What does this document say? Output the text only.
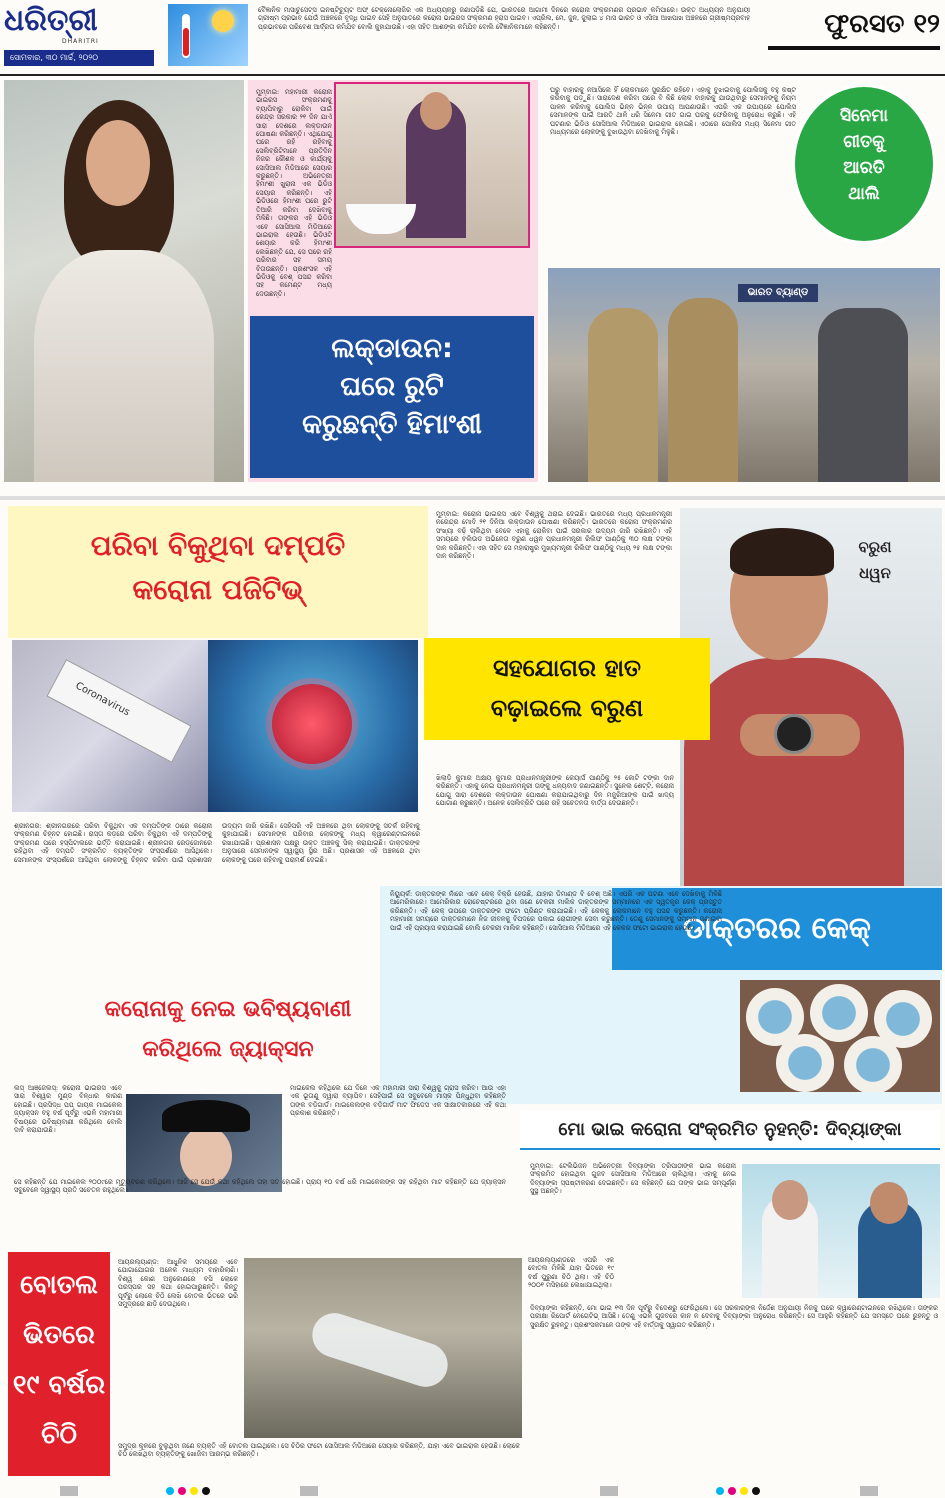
ଧରିତ୍ରୀ
DHARITRI
ସୋମବାର, ୩୦ ମାର୍ଚ୍ଚ, ୨୦୨୦
ବୈଜ୍ଞାନିକ ମାସାଚୁସେଟ୍ସ ଇନଷ୍ଟିଚ୍ୟୁଟ ଅଫ୍ ଟେକ୍ନୋଲୋଜିର ଏକ ଅଧ୍ୟୟନରୁ ଜଣାପଡ଼ିଛି ଯେ, ଭାରତରେ ଆଗାମୀ ଦିନରେ କରୋନା ସଂକ୍ରମଣର ପ୍ରଭାବ କମିପାରେ। ଉକ୍ତ ଅଧ୍ୟୟନ ଅନୁଯାୟୀ ଗ୍ରୀଷ୍ମ ପ୍ରଭାବ ଯେଉଁ ଅଞ୍ଚଳରେ ବୃଦ୍ଧି ପାଇବ ସେହି ଅନୁପାତରେ କରୋନା ଭାଇରସ ସଂକ୍ରମଣ ହ୍ରାସ ପାଇବ। ଏପ୍ରିଲ, ମେ, ଜୁନ, ଜୁଲାଇ ୪ ମାସ ଭାରତ ଓ ଏସିଆ ଆଖପାଖ ଅଞ୍ଚଳରେ ଗ୍ରୀଷ୍ମପ୍ରବାହ ପ୍ରଭାବରେ ପରିବେଶ ଆର୍ଦ୍ରତା କମିଯିବ ବୋଲି କୁହାଯାଉଛି। ଏହା ସହିତ ଆଶଙ୍କା କମିଯିବ ବୋଲି ବୈଜ୍ଞାନିକମାନେ କହିଛନ୍ତି।	ଫୁରସତ ୧୨
ମୁମ୍ବାଇ: ମହାମାରୀ କରୋନା ଭାଇରସ ସଂକ୍ରମଣକୁ ବ୍ୟାପିବାରୁ ରୋକିବା ପାଇଁ କେନ୍ଦ୍ର ସରକାର ୨୧ ଦିନ ଯାଏଁ ସାରା ଦେଶରେ ଲକ୍ଡାଉନ ଘୋଷଣା କରିଛନ୍ତି। ଏଥିଯୋଗୁ ଘରେ ରହି ରହିବାକୁ ସେଲିବ୍ରିଟିମାନେ ପ୍ରତିଦିନ ନିଜର କୌଶଳ ଓ କାର୍ଯ୍ୟକୁ ସୋସିଆଲ ମିଡିଆରେ ସେୟାର କରୁଛନ୍ତି। ଅଭିନେତ୍ରୀ ହିମାଂଶୀ ଖୁରାନା ଏକ ଭିଡିଓ ସେୟାର କରିଛନ୍ତି। ଏହି ଭିଡିଓରେ ହିମାଂଶୀ ଘରେ ରୁଟି ତିଆରି କରିବା ଦେଖିବାକୁ ମିଳିଛି। ତାଙ୍କର ଏହି ଭିଡିଓ ଏବେ ସୋସିଆଲ ମିଡିଆରେ ଭାଇରାଲ ହେଉଛି। ଭିଡିଓଟି ଶେୟାର କରି ହିମାଂଶୀ ଲେଖିଛନ୍ତି ଯେ, ସେ ଘରେ ରହି ପରିବାର ସହ ସମୟ ବିତାଉଛନ୍ତି। ପ୍ରଶଂସକ ଏହି ଭିଡିଓକୁ ବେଶ୍ ପସନ୍ଦ କରିବା ସହ କମେଣ୍ଟ ମଧ୍ୟ ଦେଉଛନ୍ତି।
ଲକ୍ଡାଉନ:
ଘରେ ରୁଟି
କରୁଛନ୍ତି ହିମାଂଶୀ
ଘରୁ ବାହାରକୁ ନଆସିଲେ ହିଁ ଲୋକମାନେ ସୁରକ୍ଷିତ ରହିବେ। ଏହାକୁ ବୁଝାଇବାକୁ ପୋଲିସକୁ ବହୁ କଷ୍ଟ କରିବାକୁ ପଡ଼ୁଛି। ସାରାଦେଶ କରିବା ପରେ ବି କିଛି ଲୋକ ବାହାରକୁ ଯାଉଥିବାରୁ ସେମାନଙ୍କୁ ନିୟମ ପାଳନ କରିବାକୁ ପୋଲିସ ଭିନ୍ନ ଭିନ୍ନ ଉପାୟ ଆପଣାଉଛି। ଏପରି ଏକ ଉପାୟରେ ପୋଲିସ ସେମାନଙ୍କ ପାଇଁ ଆରତି ଥାଳି ଧରି ସିନେମା ଗୀତ ଗାଇ ଘରକୁ ଫେରିବାକୁ ଅନୁରୋଧ କରୁଛି। ଏହି ଘଟଣାର ଭିଡିଓ ସୋସିଆଲ ମିଡିଆରେ ଭାଇରାଲ ହୋଇଛି। ଏଠାରେ ପୋଲିସ ମଧ୍ୟ ସିନେମା ଗୀତ ମାଧ୍ୟମରେ ଲୋକଙ୍କୁ ବୁଝାଉଥିବା ଦେଖିବାକୁ ମିଳୁଛି।
ସିନେମା
ଗୀତକୁ
ଆରତି
ଥାଲି
ଭାରତ ବ୍ୟାଣ୍ଡ
ପରିବା ବିକୁଥିବା ଦମ୍ପତି
କରୋନା ପଜିଟିଭ୍
Coronavirus
ଶ୍ରୀନଗର: ଶ୍ରୀନଗରରେ ପରିବା ବିକୁଥିବା ଏକ ଦମ୍ପତିଙ୍କ ଠାରେ କରୋନା ସଂକ୍ରମଣ ଚିହ୍ନଟ ହୋଇଛି। ରାସ୍ତା କଡ଼ରେ ପରିବା ବିକୁଥିବା ଏହି ଦମ୍ପତିଙ୍କୁ ସଂକ୍ରମଣ ପରେ ହସ୍ପିଟାଲରେ ଭର୍ତ୍ତି କରାଯାଇଛି। ଶ୍ରୀନଗର ରେଡ୍ଜୋନରେ ରହିଥିବା ଏହି ଦମ୍ପତି ସଂକ୍ରମିତ ବ୍ୟକ୍ତିଙ୍କ ସଂସ୍ପର୍ଶରେ ଆସିଥିଲେ। ସେମାନଙ୍କ ସଂସ୍ପର୍ଶରେ ଆସିଥିବା ଲୋକଙ୍କୁ ଚିହ୍ନଟ କରିବା ପାଇଁ ପ୍ରଶାସନ ଉଦ୍ୟମ ଜାରି ରଖିଛି। ସେହିପରି ଏହି ଅଞ୍ଚଳରେ ଥିବା ଲୋକଙ୍କୁ ସତର୍କ ରହିବାକୁ କୁହାଯାଇଛି। ସେମାନଙ୍କ ପରିବାର ଲୋକଙ୍କୁ ମଧ୍ୟ କ୍ୱାରେଣ୍ଟାଇନରେ ରଖାଯାଇଛି। ପ୍ରଶାସନ ପକ୍ଷରୁ ଉକ୍ତ ଅଞ୍ଚଳକୁ ସିଲ୍ କରାଯାଇଛି। ଡାକ୍ତରଙ୍କ ଅନୁସାରେ ସେମାନଙ୍କ ସ୍ୱାସ୍ଥ୍ୟ ସ୍ଥିର ଅଛି। ପ୍ରଶାସନ ଏହି ଅଞ୍ଚଳରେ ଥିବା ଲୋକଙ୍କୁ ଘରେ ରହିବାକୁ ପରାମର୍ଶ ଦେଇଛି।
ମୁମ୍ବାଇ: କରୋନା ଭାଇରସ ଏବେ ବିଶ୍ୱକୁ ଥରାଇ ଦେଇଛି। ଭାରତରେ ମଧ୍ୟ ପ୍ରଧାନମନ୍ତ୍ରୀ ନରେନ୍ଦ୍ର ମୋଦି ୨୧ ଦିନିଆ ଲକ୍ଡାଉନ ଘୋଷଣା କରିଛନ୍ତି। ଭାରତରେ କରୋନା ସଂକ୍ରମଣର ସଂଖ୍ୟା ବଢ଼ି ଚାଲିଥିବା ବେଳେ ଏହାକୁ ରୋକିବା ପାଇଁ ସରକାର ଉଦ୍ୟମ ଜାରି ରଖିଛନ୍ତି। ଏହି ସମୟରେ ବଲିଉଡ ଅଭିନେତା ବରୁଣ ଧୱନ ପ୍ରଧାନମନ୍ତ୍ରୀ ରିଲିଫ ପାଣ୍ଠିକୁ ୩୦ ଲକ୍ଷ ଟଙ୍କା ଦାନ କରିଛନ୍ତି। ଏହା ସହିତ ସେ ମହାରାଷ୍ଟ୍ର ମୁଖ୍ୟମନ୍ତ୍ରୀ ରିଲିଫ ପାଣ୍ଠିକୁ ମଧ୍ୟ ୨୫ ଲକ୍ଷ ଟଙ୍କା ଦାନ କରିଛନ୍ତି।
ବରୁଣ
ଧୱନ
ସହଯୋଗର ହାତ
ବଢ଼ାଇଲେ ବରୁଣ
ଖିଲାଡ଼ି କୁମାର ଅକ୍ଷୟ କୁମାର ପ୍ରଧାନମନ୍ତ୍ରୀଙ୍କ କେୟାର୍ସ ପାଣ୍ଠିକୁ ୨୫ କୋଟି ଟଙ୍କା ଦାନ କରିଛନ୍ତି। ଏହାକୁ ନେଇ ପ୍ରଧାନମନ୍ତ୍ରୀ ତାଙ୍କୁ ଧନ୍ୟବାଦ ଜଣାଇଛନ୍ତି। ସୁନେଲ ଶେଟ୍ଟି, କରୋନା ଯୋଗୁ ସାରା ଦେଶରେ ଲକ୍ଡାଉନ ଘୋଷଣା କରାଯାଇଥିବାରୁ ଦିନ ମଜୁରିଆଙ୍କ ପାଇଁ ଖାଦ୍ୟ ଯୋଗାଣ କରୁଛନ୍ତି। ଅନେକ ସେଲିବ୍ରିଟି ଘରେ ରହି ସଚେତନତା ବାର୍ତ୍ତା ଦେଉଛନ୍ତି।
ଡାକ୍ତରର କେକ୍
ନିୟୁୟର୍କ: ଡାକ୍ତରଙ୍କ ନାଁରେ ଏବେ କେକ୍ ବିକ୍ରି ହେଉଛି, ଯାହାର ଡିମାଣ୍ଡ ବି ବେଶ୍ ଅଛି। ଏପରି ଏକ ଘଟଣା ଏବେ ଦେଖିବାକୁ ମିଳିଛି ଆମେରିକାରେ। ଆମେରିକାର ରୋଚେଷ୍ଟରରେ ଥିବା ଜଣେ ବେକରୀ ମାଲିକ ଡାକ୍ତରଙ୍କ ସମ୍ମାନରେ ଏକ ସ୍ୱତନ୍ତ୍ର କେକ୍ ପ୍ରସ୍ତୁତ କରିଛନ୍ତି। ଏହି କେକ୍ ଉପରେ ଡାକ୍ତରଙ୍କ ଫଟୋ ପ୍ରିଣ୍ଟ କରାଯାଇଛି। ଏହି କେକକୁ ଲୋକମାନେ ବହୁ ପସନ୍ଦ କରୁଛନ୍ତି। କରୋନା ମହାମାରୀ ସମୟରେ ଡାକ୍ତରମାନେ ନିଜ ଜୀବନକୁ ବିପଦରେ ପକାଇ ରୋଗୀଙ୍କ ସେବା କରୁଛନ୍ତି। ତେଣୁ ସେମାନଙ୍କୁ ସମ୍ମାନ ଜଣାଇବା ପାଇଁ ଏହି ପ୍ରୟାସ କରାଯାଇଛି ବୋଲି ବେକରୀ ମାଲିକ କହିଛନ୍ତି। ସୋସିଆଲ ମିଡିଆରେ ଏହି କେକର ଫଟୋ ଭାଇରାଲ ହେଉଛି।
କରୋନାକୁ ନେଇ ଭବିଷ୍ୟବାଣୀ
କରିଥିଲେ ଜ୍ୟାକ୍ସନ
ଲସ୍ ଆଞ୍ଜେଲସ୍: କରୋନା ଭାଇରସ ଏବେ ସାରା ବିଶ୍ୱର ମୁଣ୍ଡ ବିନ୍ଧାର କାରଣ ହୋଇଛି। ପ୍ରସିଦ୍ଧ ପପ୍ ଗାୟକ ମାଇକେଲ ଜ୍ୟାକ୍ସନ ବହୁ ବର୍ଷ ପୂର୍ବରୁ ଏଭଳି ମହାମାରୀ ବିଷୟରେ ଭବିଷ୍ୟବାଣୀ କରିଥିଲେ ବୋଲି ଦାବି କରାଯାଉଛି।
ମାଇକେଲ କହିଥିଲେ ଯେ ଦିନେ ଏକ ମହାମାରୀ ସାରା ବିଶ୍ୱକୁ ଗ୍ରାସ କରିବ। ଆଉ ଏହା ଏକ ଭୂତାଣୁ ଦ୍ୱାରା ବ୍ୟାପିବ। ସେହିପାଇଁ ସେ ସବୁବେଳେ ମାସ୍କ ପିନ୍ଧୁଥିବା କହିଛନ୍ତି ତାଙ୍କ ବଡ଼ିଗାର୍ଡ। ମାଇକେଲଙ୍କ ବଡ଼ିଗାର୍ଡ ମାଟ ଫିଡେସ ଏକ ସାକ୍ଷାତକାରରେ ଏହି କଥା ପ୍ରକାଶ କରିଛନ୍ତି।
ସେ କହିଛନ୍ତି ଯେ ମାଇକେଲ ୨୦୦୯ରେ ମୃତ୍ୟୁବରଣ କରିଥିଲେ। ଆଜି ସେ ଯେଉଁ କଥା କହିଥିଲେ ତାହା ସତ ହୋଇଛି। ପ୍ରାୟ ୧୦ ବର୍ଷ ଧରି ମାଇକେଲଙ୍କ ସହ ରହିଥିବା ମାଟ କହିଛନ୍ତି ଯେ ଜ୍ୟାକ୍ସନ ସବୁବେଳେ ସ୍ୱାସ୍ଥ୍ୟ ପ୍ରତି ସଚେତନ ରହୁଥିଲେ।
ମୋ ଭାଇ କରୋନା ସଂକ୍ରମିତ ନୁହନ୍ତି: ଦିବ୍ୟାଙ୍କା
ମୁମ୍ବାଇ: ଟେଲିଭିଜନ ଅଭିନେତ୍ରୀ ଦିବ୍ୟାଙ୍କା ତ୍ରିପାଠୀଙ୍କ ଭାଇ କରୋନା ସଂକ୍ରମିତ ହୋଇଥିବା ଗୁଜବ ସୋସିଆଲ ମିଡିଆରେ ଚାଲିଥିଲା। ଏହାକୁ ନେଇ ଦିବ୍ୟାଙ୍କା ସ୍ପଷ୍ଟୀକରଣ ଦେଇଛନ୍ତି। ସେ କହିଛନ୍ତି ଯେ ତାଙ୍କ ଭାଇ ସମ୍ପୂର୍ଣ୍ଣ ସୁସ୍ଥ ଅଛନ୍ତି।
ଦିବ୍ୟାଙ୍କା କହିଛନ୍ତି, ମୋ ଭାଇ ୧୩ ଦିନ ପୂର୍ବରୁ ବିଦେଶରୁ ଫେରିଥିଲେ। ସେ ସରକାରଙ୍କ ନିର୍ଦ୍ଦେଶ ଅନୁଯାୟୀ ନିଜକୁ ଘରେ କ୍ୱାରେଣ୍ଟାଇନରେ ରଖିଥିଲେ। ତାଙ୍କର ପରୀକ୍ଷା ରିପୋର୍ଟ ନେଗେଟିଭ୍ ଆସିଛି। ତେଣୁ ଏଭଳି ଗୁଜବରେ କାନ ନ ଦେବାକୁ ଦିବ୍ୟାଙ୍କା ଅନୁରୋଧ କରିଛନ୍ତି। ସେ ଆହୁରି କହିଛନ୍ତି ଯେ ସମସ୍ତେ ଘରେ ରୁହନ୍ତୁ ଓ ସୁରକ୍ଷିତ ରୁହନ୍ତୁ। ପ୍ରଶଂସକମାନେ ତାଙ୍କ ଏହି ବାର୍ତ୍ତାକୁ ସ୍ୱାଗତ କରିଛନ୍ତି।
ବୋତଲ
ଭିତରେ
୧୯ ବର୍ଷର
ଚିଠି
ଆୟରଲ୍ୟାଣ୍ଡ: ଆଧୁନିକ ସମୟରେ ଏବେ ଯୋଗାଯୋଗର ଅନେକ ମାଧ୍ୟମ ବାହାରିଲାଣି। ବିଶ୍ୱ କୋଣ ଅନୁକୋଣରେ ବସି ଲୋକେ ପରସ୍ପର ସହ କଥା ହୋଇପାରୁଛନ୍ତି। କିନ୍ତୁ ପୂର୍ବରୁ ଲୋକେ ଚିଠି ଲେଖି ବୋତଲ ଭିତରେ ଭରି ସମୁଦ୍ରରେ ଛାଡ଼ି ଦେଉଥିଲେ।
ଆୟରଲ୍ୟାଣ୍ଡରେ ଏପରି ଏକ ବୋତଲ ମିଳିଛି ଯାହା ଭିତରେ ୧୯ ବର୍ଷ ପୁରୁଣା ଚିଠି ଥିଲା। ଏହି ଚିଠି ୨୦୦୧ ମସିହାରେ ଲେଖାଯାଇଥିଲା।
ସମୁଦ୍ର କୂଳରେ ବୁଲୁଥିବା ଜଣେ ବ୍ୟକ୍ତି ଏହି ବୋତଲ ପାଇଥିଲେ। ସେ ଚିଠିର ଫଟୋ ସୋସିଆଲ ମିଡିଆରେ ସେୟାର କରିଛନ୍ତି, ଯାହା ଏବେ ଭାଇରାଲ ହେଉଛି। ଲୋକେ ଚିଠି ଲେଖିଥିବା ବ୍ୟକ୍ତିଙ୍କୁ ଖୋଜିବା ଆରମ୍ଭ କରିଛନ୍ତି।
